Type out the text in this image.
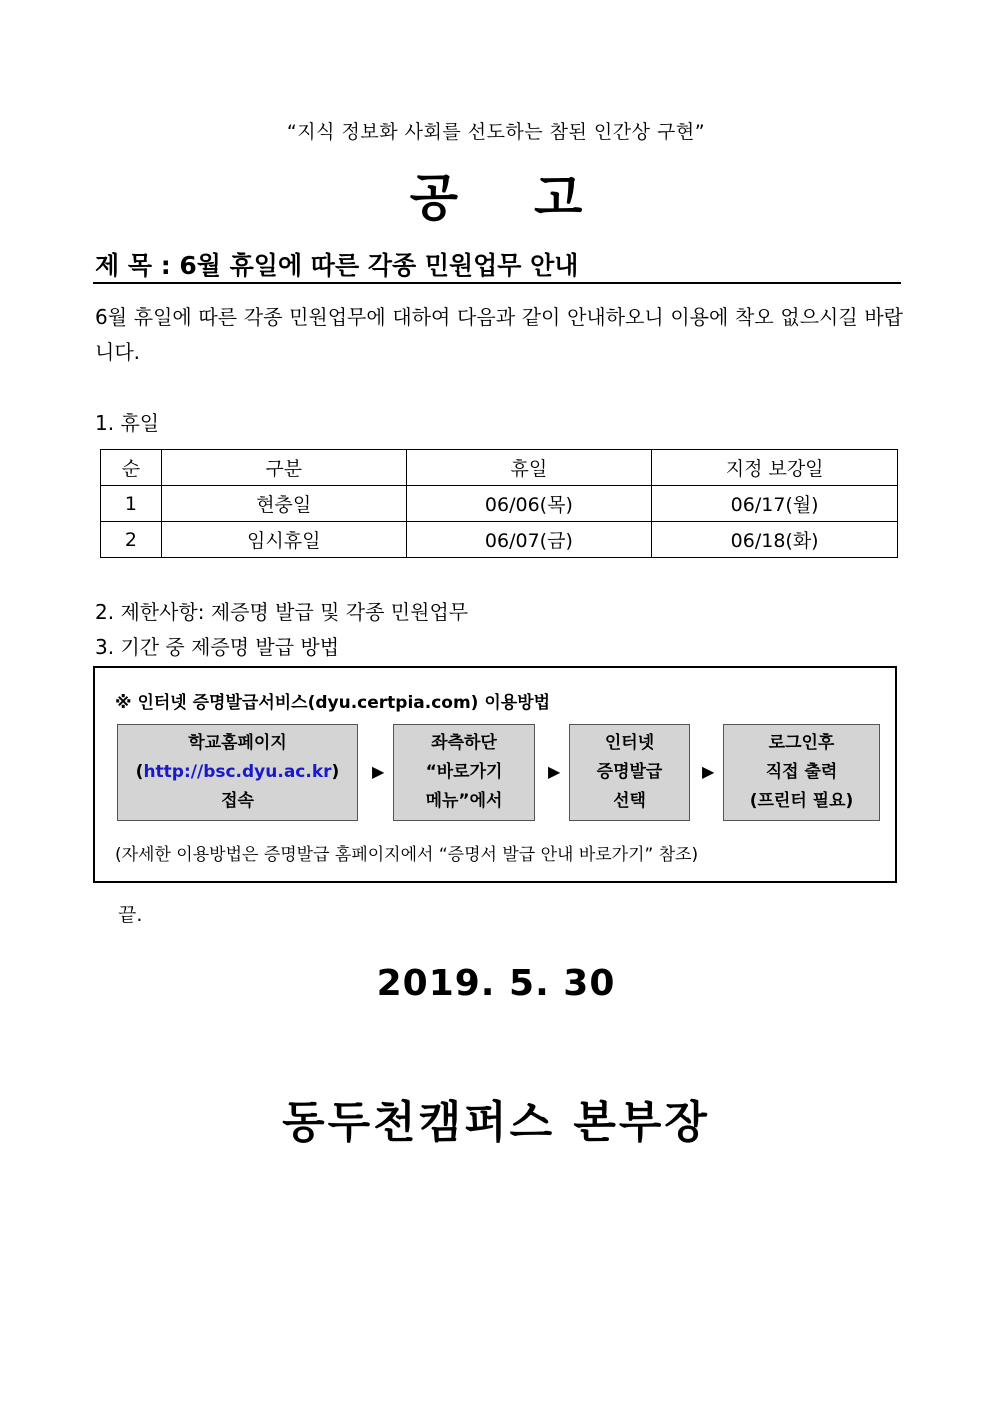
“지식 정보화 사회를 선도하는 참된 인간상 구현”
공 고
제 목 : 6월 휴일에 따른 각종 민원업무 안내
6월 휴일에 따른 각종 민원업무에 대하여 다음과 같이 안내하오니 이용에 착오 없으시길 바랍니다.
1. 휴일
순	구분	휴일	지정 보강일
1	현충일	06/06(목)	06/17(월)
2	임시휴일	06/07(금)	06/18(화)
2. 제한사항: 제증명 발급 및 각종 민원업무
3. 기간 중 제증명 발급 방법
※ 인터넷 증명발급서비스(dyu.certpia.com) 이용방법
학교홈페이지
(http://bsc.dyu.ac.kr)
접속
▶
좌측하단
“바로가기
메뉴”에서
▶
인터넷
증명발급
선택
▶
로그인후
직접 출력
(프린터 필요)
(자세한 이용방법은 증명발급 홈페이지에서 “증명서 발급 안내 바로가기” 참조)
끝.
2019. 5. 30
동두천캠퍼스 본부장
